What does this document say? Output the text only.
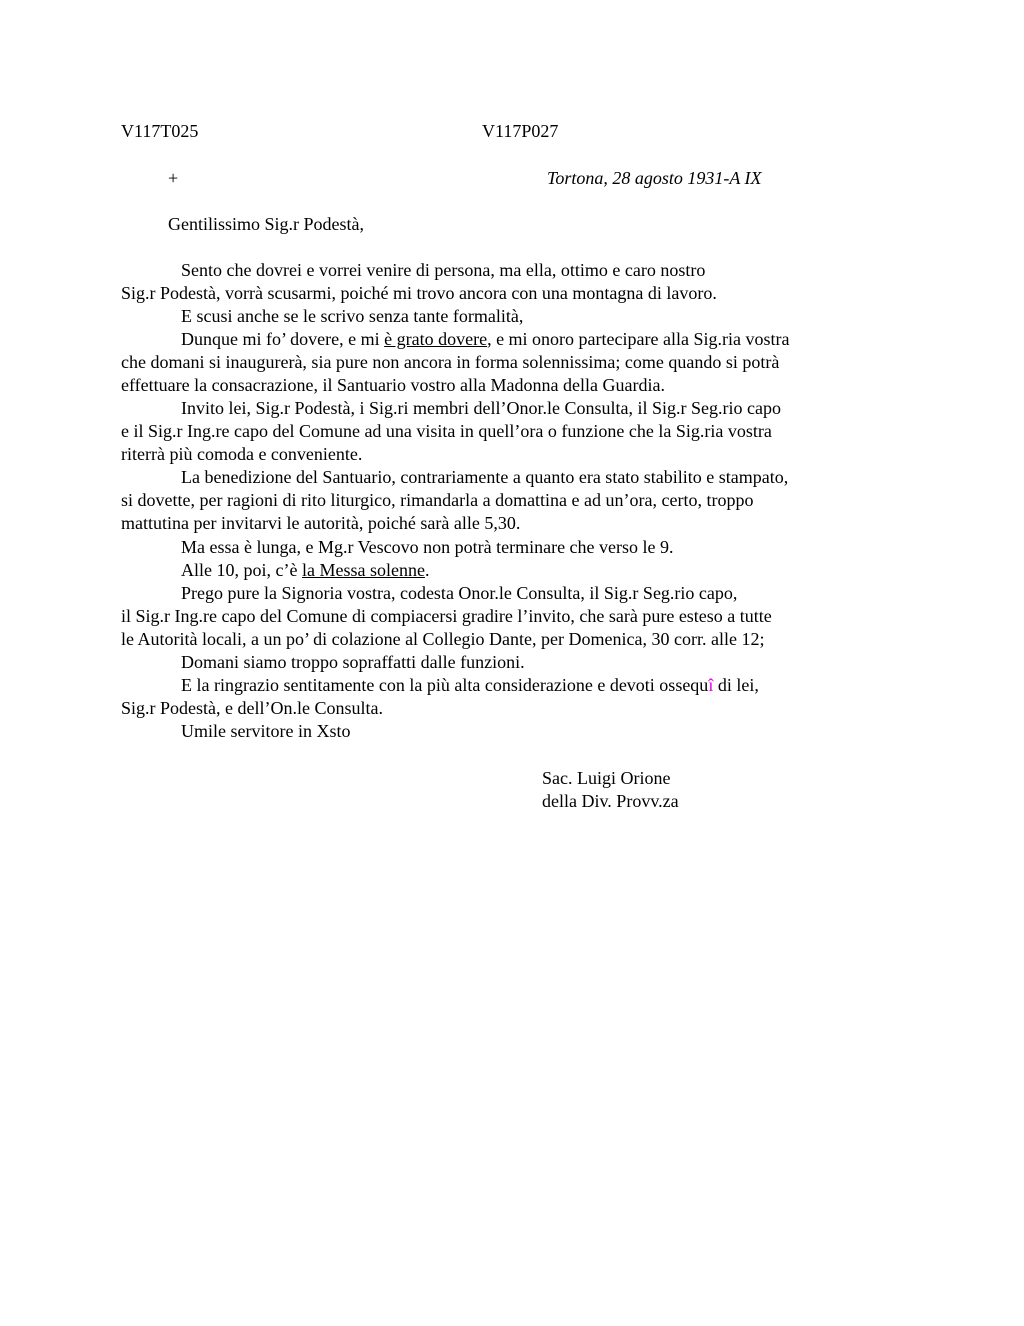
V117T025	V117P027
+	Tortona, 28 agosto 1931-A IX
Gentilissimo Sig.r Podestà,
Sento che dovrei e vorrei venire di persona, ma ella, ottimo e caro nostro
Sig.r Podestà, vorrà scusarmi, poiché mi trovo ancora con una montagna di lavoro.
E scusi anche se le scrivo senza tante formalità,
Dunque mi fo’ dovere, e mi è grato dovere, e mi onoro partecipare alla Sig.ria vostra
che domani si inaugurerà, sia pure non ancora in forma solennissima; come quando si potrà
effettuare la consacrazione, il Santuario vostro alla Madonna della Guardia.
Invito lei, Sig.r Podestà, i Sig.ri membri dell’Onor.le Consulta, il Sig.r Seg.rio capo
e il Sig.r Ing.re capo del Comune ad una visita in quell’ora o funzione che la Sig.ria vostra
riterrà più comoda e conveniente.
La benedizione del Santuario, contrariamente a quanto era stato stabilito e stampato,
si dovette, per ragioni di rito liturgico, rimandarla a domattina e ad un’ora, certo, troppo
mattutina per invitarvi le autorità, poiché sarà alle 5,30.
Ma essa è lunga, e Mg.r Vescovo non potrà terminare che verso le 9.
Alle 10, poi, c’è la Messa solenne.
Prego pure la Signoria vostra, codesta Onor.le Consulta, il Sig.r Seg.rio capo,
il Sig.r Ing.re capo del Comune di compiacersi gradire l’invito, che sarà pure esteso a tutte
le Autorità locali, a un po’ di colazione al Collegio Dante, per Domenica, 30 corr. alle 12;
Domani siamo troppo sopraffatti dalle funzioni.
E la ringrazio sentitamente con la più alta considerazione e devoti ossequî di lei,
Sig.r Podestà, e dell’On.le Consulta.
Umile servitore in Xsto
Sac. Luigi Orione
della Div. Provv.za
